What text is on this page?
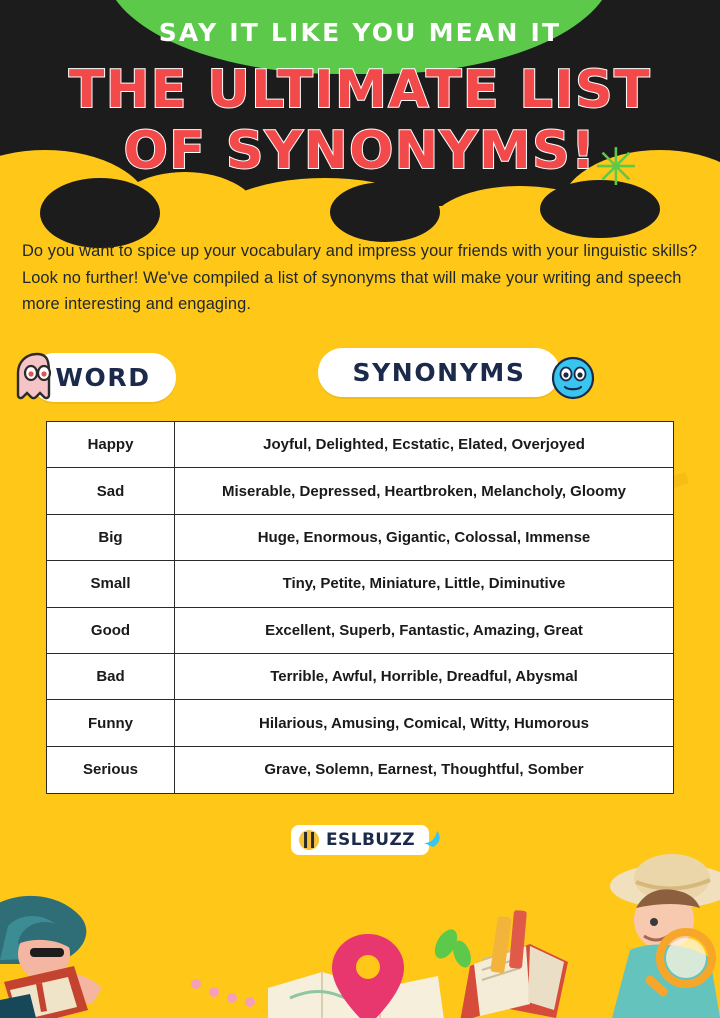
SAY IT LIKE YOU MEAN IT
THE ULTIMATE LIST
OF SYNONYMS!
✳

Do you want to spice up your vocabulary and impress your friends with your linguistic skills? Look no further! We've compiled a list of synonyms that will make your writing and speech more interesting and engaging.

WORD	SYNONYMS
Happy	Joyful, Delighted, Ecstatic, Elated, Overjoyed
Sad	Miserable, Depressed, Heartbroken, Melancholy, Gloomy
Big	Huge, Enormous, Gigantic, Colossal, Immense
Small	Tiny, Petite, Miniature, Little, Diminutive
Good	Excellent, Superb, Fantastic, Amazing, Great
Bad	Terrible, Awful, Horrible, Dreadful, Abysmal
Funny	Hilarious, Amusing, Comical, Witty, Humorous
Serious	Grave, Solemn, Earnest, Thoughtful, Somber
ESLBUZZ
